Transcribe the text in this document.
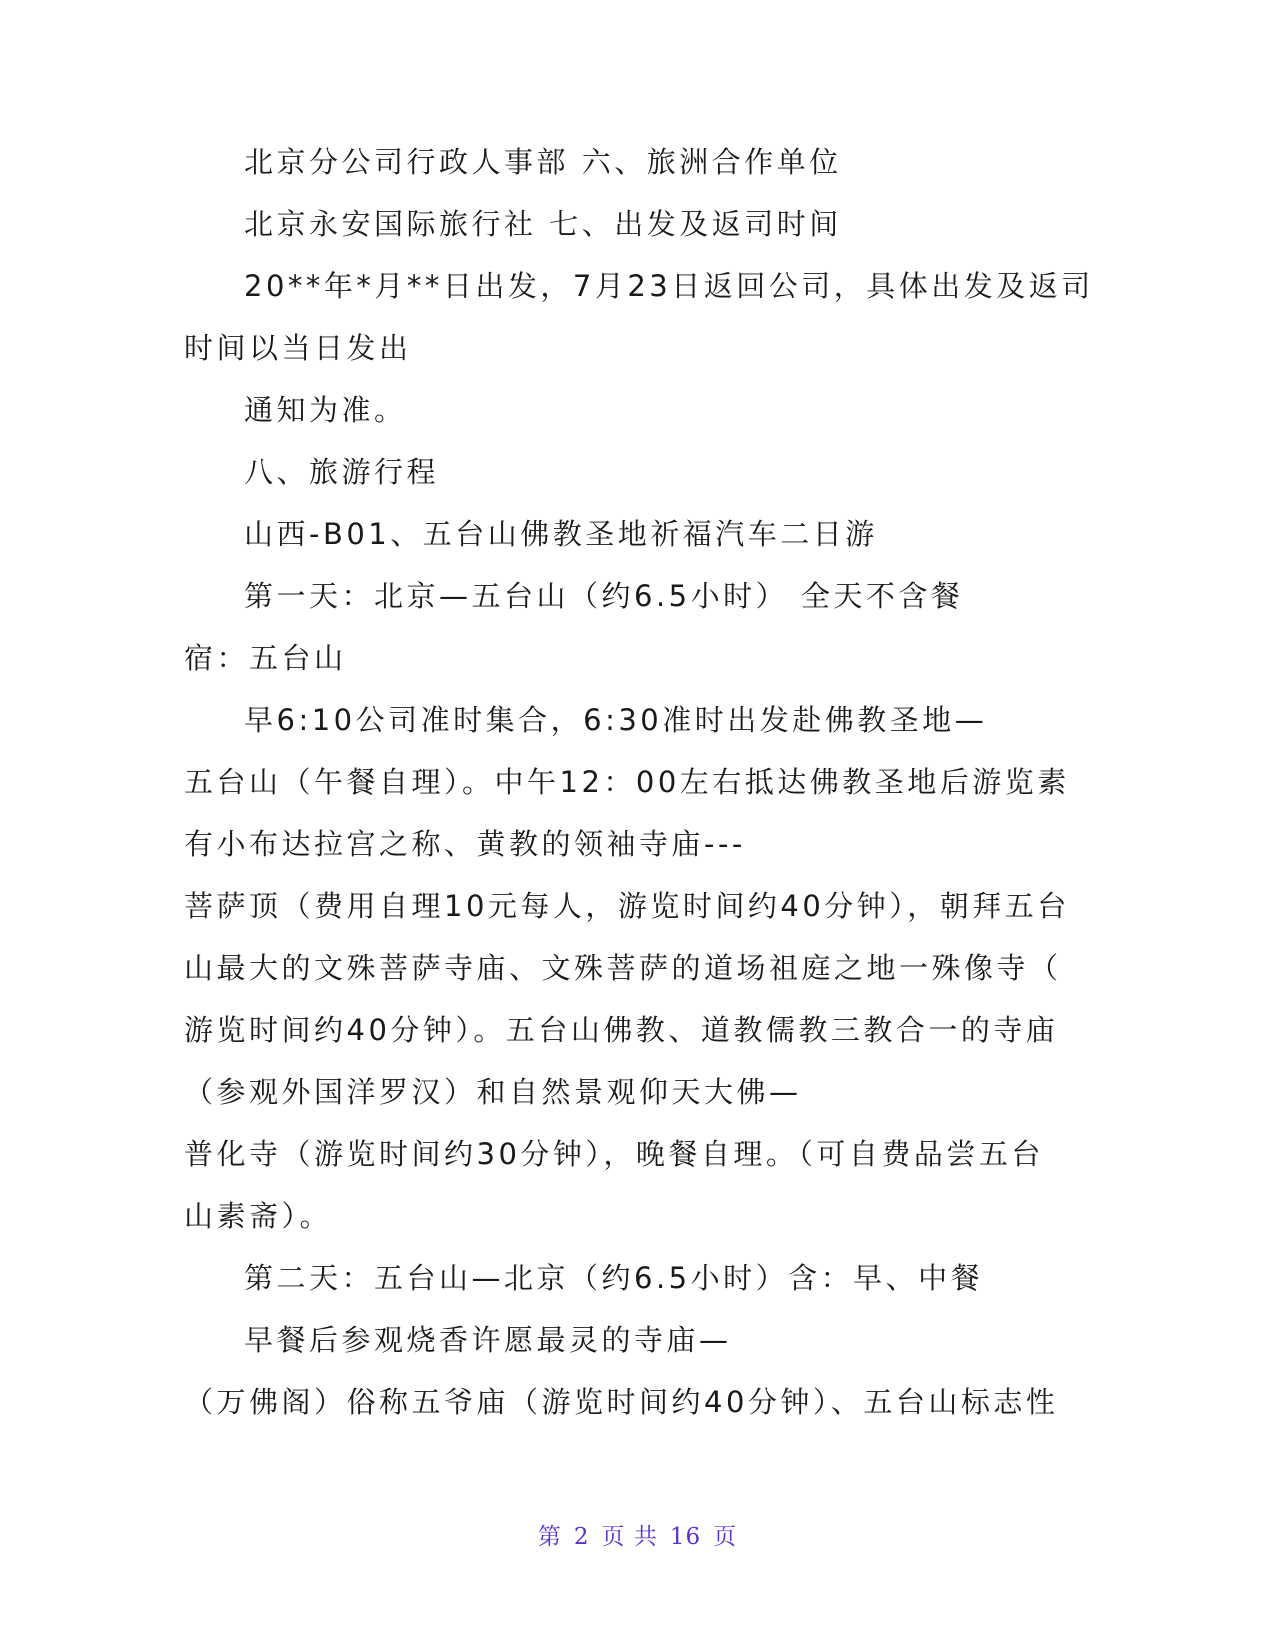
北京分公司行政人事部 六、旅洲合作单位
北京永安国际旅行社 七、出发及返司时间
20**年*月**日出发，7月23日返回公司，具体出发及返司
时间以当日发出
通知为准。
八、旅游行程
山西-B01、五台山佛教圣地祈福汽车二日游
第一天：北京—五台山（约6.5小时） 全天不含餐
宿：五台山
早6:10公司准时集合，6:30准时出发赴佛教圣地—
五台山（午餐自理）。中午12：00左右抵达佛教圣地后游览素
有小布达拉宫之称、黄教的领袖寺庙---
菩萨顶（费用自理10元每人，游览时间约40分钟），朝拜五台
山最大的文殊菩萨寺庙、文殊菩萨的道场祖庭之地一殊像寺（
游览时间约40分钟）。五台山佛教、道教儒教三教合一的寺庙
（参观外国洋罗汉）和自然景观仰天大佛—
普化寺（游览时间约30分钟），晚餐自理。（可自费品尝五台
山素斋）。
第二天：五台山—北京（约6.5小时）含：早、中餐
早餐后参观烧香许愿最灵的寺庙—
（万佛阁）俗称五爷庙（游览时间约40分钟）、五台山标志性
第 2 页 共 16 页
